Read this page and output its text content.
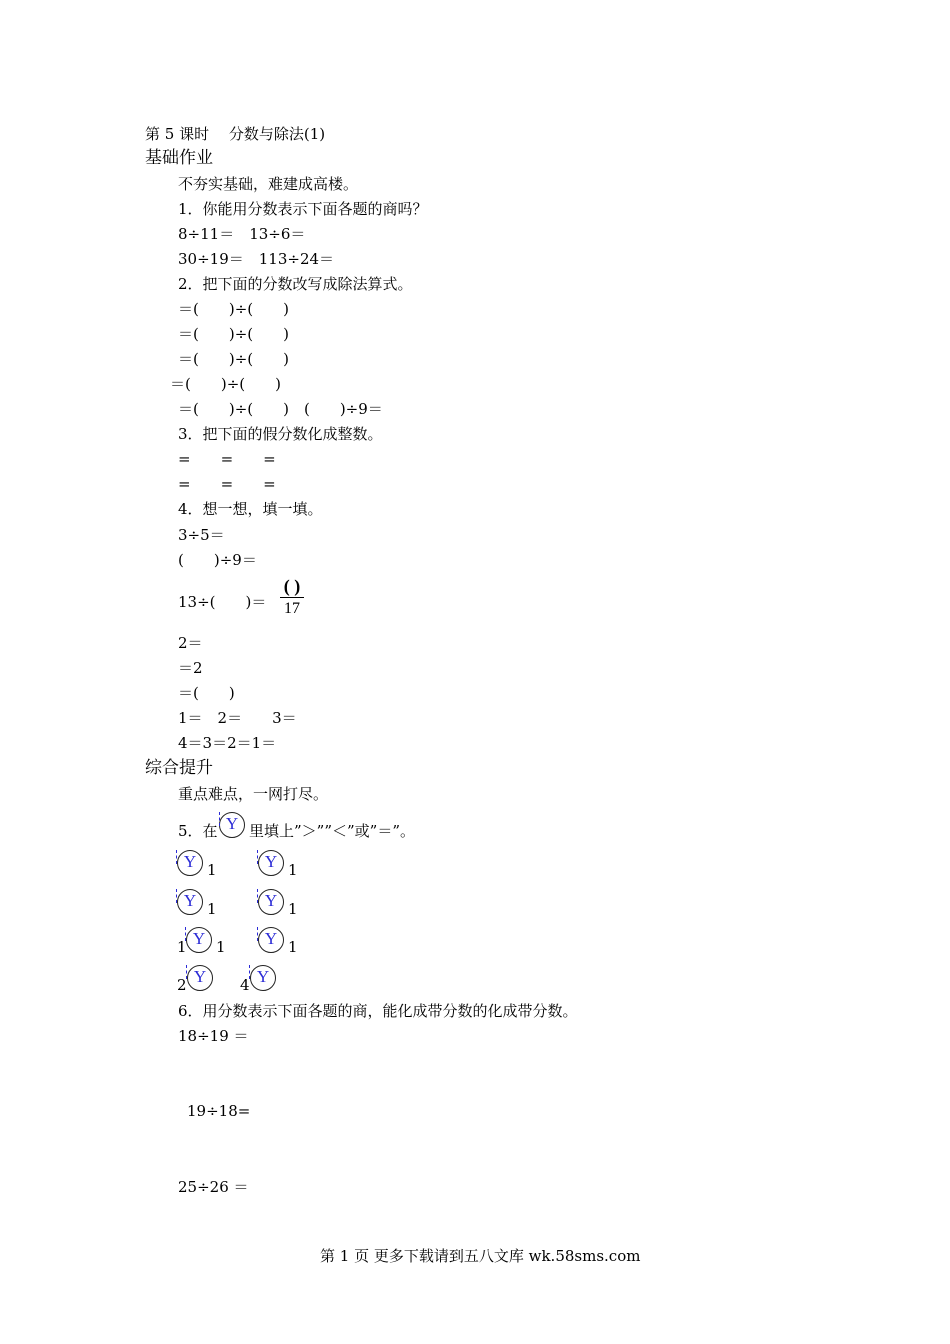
第 5 课时　 分数与除法(1)
基础作业
不夯实基础，难建成高楼。
1．你能用分数表示下面各题的商吗？
8÷11＝　13÷6＝
30÷19＝　113÷24＝
2．把下面的分数改写成除法算式。
＝(　　)÷(　　)
＝(　　)÷(　　)
＝(　　)÷(　　)
＝(　　)÷(　　)
＝(　　)÷(　　)　(　　)÷9＝
3．把下面的假分数化成整数。
=　　=　　=
=　　=　　=
4．想一想，填一填。
3÷5＝
(　　)÷9＝
13÷(　　)＝
( )
17
2＝
＝2
＝(　　)
1＝　2＝　　3＝
4＝3＝2＝1＝
综合提升
重点难点，一网打尽。
5．在 Y 里填上”＞””＜”或”＝”。
Y 1	Y 1
Y 1	Y 1
1 Y 1	Y 1
2 Y	4 Y
6．用分数表示下面各题的商，能化成带分数的化成带分数。
18÷19 ＝
19÷18=
25÷26 ＝
第 1 页 更多下载请到五八文库 wk.58sms.com
